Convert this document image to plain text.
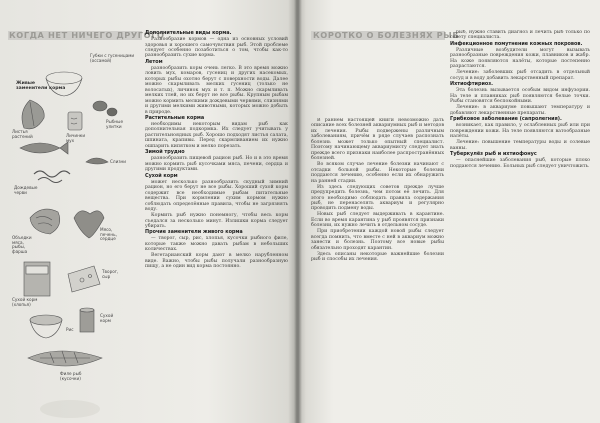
КОГДА НЕТ НИЧЕГО ДРУГОГО
Живые
заменители корма
Губки с гусеницами
(оссамой)
Листья
растений
Рыбные
улитки
Личинки
мух
Слизни
Дождевые
черви
Объедки
мяса,
рыбы,
фарша
Мясо,
печень,
сердце
Сухой корм
(хлопья)
Творог,
сыр
Рис
Сухой
корм
Филе рыб
(кусочки)

Дополнительные виды корма.

Разнообразие кормов — одна из основных условий здоровья и хорошего самочувствия рыб. Этой проблеме следует особенно позаботиться о том, чтобы как-то разнообразить сухие корма.

Летом

разнообразить корм очень легко. В это время можно ловить мух, комаров, гусениц и других насекомых, которых рыбы охотно берут с поверхности воды. Далее можно скармливать мелких гусениц (только не волосатых), личинок мух и т. п. Можно скармливать мелких тлей, но их берут не все рыбы. Крупным рыбам можно кормить мелкими дождевыми червями, слизнями и другими мелкими животными, которых можно добыть в природе.

Растительные корма

необходимы некоторым видам рыб как дополнительная подкормка. Их следует учитывать у растительноядных рыб. Хорошо подходят листья салата, шпината, крапивы. Перед скармливанием их нужно ошпарить кипятком и мелко порезать.

Зимой трудно

разнообразить пищевой рацион рыб. Но и в это время можно кормить рыб кусочками мяса, печени, сердца и другими продуктами.

Сухой корм

может несколько разнообразить скудный зимний рацион, но его берут не все рыбы. Хороший сухой корм содержит все необходимые рыбам питательные вещества. При кормлении сухим кормом нужно соблюдать определённые правила, чтобы не загрязнять воду.

Кормить рыб нужно понемногу, чтобы весь корм съедался за несколько минут. Излишки корма следует убирать.

Прочие заменители живого корма

— творог, сыр, рис, хлопья, кусочки рыбного филе, которые также можно давать рыбам в небольших количествах.

Вегетарианский корм дают в мелко нарубленном виде. Важно, чтобы рыбы получали разнообразную пищу, а не один вид корма постоянно.

КОРОТКО О БОЛЕЗНЯХ РЫБ

В раннем настоящей книги невозможно дать описание всех болезней аквариумных рыб и методов их лечения. Рыбы подвержены различным заболеваниям, причём в ряде случаев распознать болезнь может только опытный специалист. Поэтому начинающему аквариумисту следует знать прежде всего признаки наиболее распространённых болезней.

Во всяком случае лечение болезни начинают с отсадки больной рыбы. Некоторые болезни поддаются лечению, особенно если их обнаружить на ранней стадии.

Из здесь следующих советов прежде лучше предупредить болезнь, чем потом её лечить. Для этого необходимо соблюдать правила содержания рыб, не перенаселять аквариум и регулярно проводить подмену воды.

Новых рыб следует выдерживать в карантине. Если во время карантина у рыб проявятся признаки болезни, их нужно лечить в отдельном сосуде.

При приобретении каждой новой рыбы следует всегда помнить, что вместе с ней в аквариум можно занести и болезнь. Поэтому все новые рыбы обязательно проходят карантин.

Здесь описаны некоторые важнейшие болезни рыб и способы их лечения.

рыб, нужно ставить диагноз и лечить рыб только по совету специалиста.

Инфекционное помутнение кожных покровов.

Различные возбудители могут вызывать разнообразные повреждения кожи, плавников и жабр. На коже появляются налёты, которые постепенно разрастаются.

Лечение: заболевших рыб отсадить в отдельный сосуд и в воду добавить лекарственный препарат.

Ихтиофтириоз.

Эта болезнь вызывается особым видом инфузории. На теле и плавниках рыб появляются белые точки. Рыбы становятся беспокойными.

Лечение: в аквариуме повышают температуру и добавляют лекарственные препараты.

Грибковое заболевание (сапролегния).

возникает, как правило, у ослабленных рыб или при повреждении кожи. На теле появляются ватообразные налёты.

Лечение: повышение температуры воды и солевые ванны.

Туберкулёз рыб и ихтиофонус

— опаснейшие заболевания рыб, которые плохо поддаются лечению. Больных рыб следует уничтожить.
